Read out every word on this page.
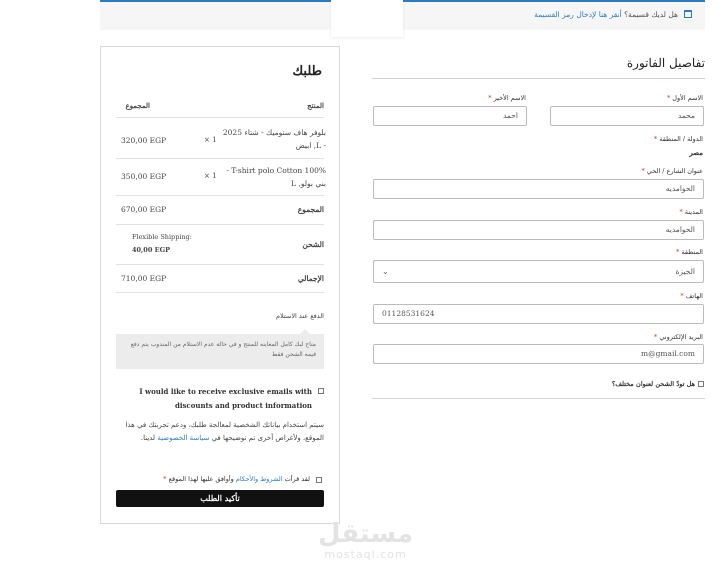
هل لديك قسيمة؟ أنقر هنا لإدخال رمز القسيمة
تفاصيل الفاتورة
الاسم الأول *
الاسم الأخير *
محمد
احمد
الدولة / المنطقة *
مصر
عنوان الشارع / الحي *
الحوامديه
المدينة *
الحوامديه
المنطقة *
الجيزة
⌄
الهاتف *
01128531624
البريد الإلكتروني *
m@gmail.com
هل تودّ الشحن لعنوان مختلف؟
طلبك
المنتج
المجموع
بلوفر هاف ستوميك - شتاء 2025
- L, ابيض
× 1
320,00 EGP
T-shirt polo Cotton 100% -
بني بولو, L
× 1
350,00 EGP
المجموع
670,00 EGP
الشحن
Flexible Shipping:
40,00 EGP
الإجمالي
710,00 EGP
الدفع عند الاستلام
متاح لبك كامل المعاينه للمنتج و في حالة عدم الاستلام من المندوب يتم دفع قيمه الشحن فقط
I would like to receive exclusive emails with
discounts and product information
سيتم استخدام بياناتك الشخصية لمعالجة طلبك، ودعم تجربتك في هذا الموقع، ولأغراض أخرى تم توضيحها في سياسة الخصوصية لدينا.
لقد قرأت الشروط والأحكام وأوافق عليها لهذا الموقع *
تأكيد الطلب
مستقل
mostaql.com
